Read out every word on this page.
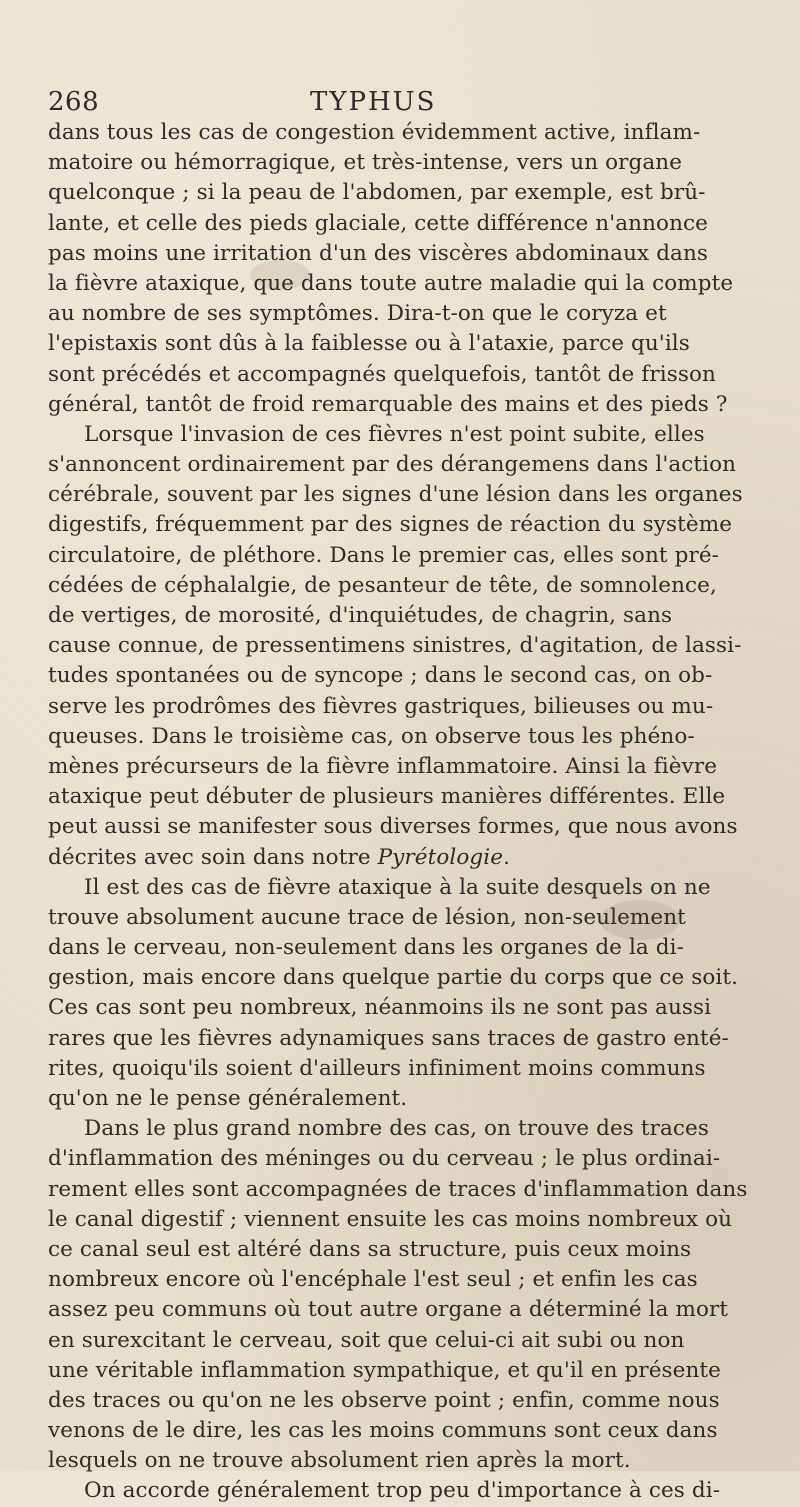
268	TYPHUS
dans tous les cas de congestion évidemment active, inflam-
matoire ou hémorragique, et très-intense, vers un organe
quelconque ; si la peau de l'abdomen, par exemple, est brû-
lante, et celle des pieds glaciale, cette différence n'annonce
pas moins une irritation d'un des viscères abdominaux dans
la fièvre ataxique, que dans toute autre maladie qui la compte
au nombre de ses symptômes. Dira-t-on que le coryza et
l'epistaxis sont dûs à la faiblesse ou à l'ataxie, parce qu'ils
sont précédés et accompagnés quelquefois, tantôt de frisson
général, tantôt de froid remarquable des mains et des pieds ?
Lorsque l'invasion de ces fièvres n'est point subite, elles
s'annoncent ordinairement par des dérangemens dans l'action
cérébrale, souvent par les signes d'une lésion dans les organes
digestifs, fréquemment par des signes de réaction du système
circulatoire, de pléthore. Dans le premier cas, elles sont pré-
cédées de céphalalgie, de pesanteur de tête, de somnolence,
de vertiges, de morosité, d'inquiétudes, de chagrin, sans
cause connue, de pressentimens sinistres, d'agitation, de lassi-
tudes spontanées ou de syncope ; dans le second cas, on ob-
serve les prodrômes des fièvres gastriques, bilieuses ou mu-
queuses. Dans le troisième cas, on observe tous les phéno-
mènes précurseurs de la fièvre inflammatoire. Ainsi la fièvre
ataxique peut débuter de plusieurs manières différentes. Elle
peut aussi se manifester sous diverses formes, que nous avons
décrites avec soin dans notre Pyrétologie.
Il est des cas de fièvre ataxique à la suite desquels on ne
trouve absolument aucune trace de lésion, non-seulement
dans le cerveau, non-seulement dans les organes de la di-
gestion, mais encore dans quelque partie du corps que ce soit.
Ces cas sont peu nombreux, néanmoins ils ne sont pas aussi
rares que les fièvres adynamiques sans traces de gastro enté-
rites, quoiqu'ils soient d'ailleurs infiniment moins communs
qu'on ne le pense généralement.
Dans le plus grand nombre des cas, on trouve des traces
d'inflammation des méninges ou du cerveau ; le plus ordinai-
rement elles sont accompagnées de traces d'inflammation dans
le canal digestif ; viennent ensuite les cas moins nombreux où
ce canal seul est altéré dans sa structure, puis ceux moins
nombreux encore où l'encéphale l'est seul ; et enfin les cas
assez peu communs où tout autre organe a déterminé la mort
en surexcitant le cerveau, soit que celui-ci ait subi ou non
une véritable inflammation sympathique, et qu'il en présente
des traces ou qu'on ne les observe point ; enfin, comme nous
venons de le dire, les cas les moins communs sont ceux dans
lesquels on ne trouve absolument rien après la mort.
On accorde généralement trop peu d'importance à ces di-
